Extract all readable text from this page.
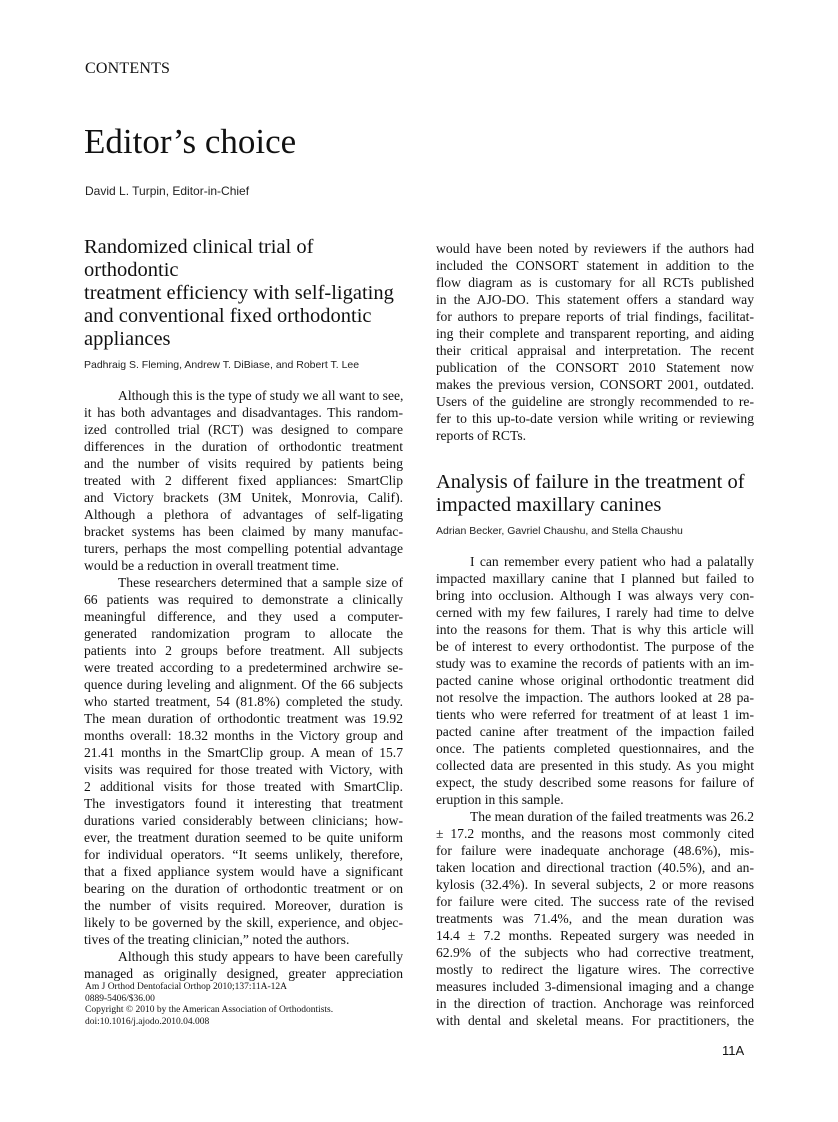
CONTENTS
Editor’s choice
David L. Turpin, Editor-in-Chief
Randomized clinical trial of orthodontic
treatment efficiency with self-ligating
and conventional fixed orthodontic
appliances
Padhraig S. Fleming, Andrew T. DiBiase, and Robert T. Lee
Although this is the type of study we all want to see,
it has both advantages and disadvantages. This random-
ized controlled trial (RCT) was designed to compare
differences in the duration of orthodontic treatment
and the number of visits required by patients being
treated with 2 different fixed appliances: SmartClip
and Victory brackets (3M Unitek, Monrovia, Calif).
Although a plethora of advantages of self-ligating
bracket systems has been claimed by many manufac-
turers, perhaps the most compelling potential advantage
would be a reduction in overall treatment time.
These researchers determined that a sample size of
66 patients was required to demonstrate a clinically
meaningful difference, and they used a computer-
generated randomization program to allocate the
patients into 2 groups before treatment. All subjects
were treated according to a predetermined archwire se-
quence during leveling and alignment. Of the 66 subjects
who started treatment, 54 (81.8%) completed the study.
The mean duration of orthodontic treatment was 19.92
months overall: 18.32 months in the Victory group and
21.41 months in the SmartClip group. A mean of 15.7
visits was required for those treated with Victory, with
2 additional visits for those treated with SmartClip.
The investigators found it interesting that treatment
durations varied considerably between clinicians; how-
ever, the treatment duration seemed to be quite uniform
for individual operators. “It seems unlikely, therefore,
that a fixed appliance system would have a significant
bearing on the duration of orthodontic treatment or on
the number of visits required. Moreover, duration is
likely to be governed by the skill, experience, and objec-
tives of the treating clinician,” noted the authors.
Although this study appears to have been carefully
managed as originally designed, greater appreciation
would have been noted by reviewers if the authors had
included the CONSORT statement in addition to the
flow diagram as is customary for all RCTs published
in the AJO-DO. This statement offers a standard way
for authors to prepare reports of trial findings, facilitat-
ing their complete and transparent reporting, and aiding
their critical appraisal and interpretation. The recent
publication of the CONSORT 2010 Statement now
makes the previous version, CONSORT 2001, outdated.
Users of the guideline are strongly recommended to re-
fer to this up-to-date version while writing or reviewing
reports of RCTs.
Analysis of failure in the treatment of
impacted maxillary canines
Adrian Becker, Gavriel Chaushu, and Stella Chaushu
I can remember every patient who had a palatally
impacted maxillary canine that I planned but failed to
bring into occlusion. Although I was always very con-
cerned with my few failures, I rarely had time to delve
into the reasons for them. That is why this article will
be of interest to every orthodontist. The purpose of the
study was to examine the records of patients with an im-
pacted canine whose original orthodontic treatment did
not resolve the impaction. The authors looked at 28 pa-
tients who were referred for treatment of at least 1 im-
pacted canine after treatment of the impaction failed
once. The patients completed questionnaires, and the
collected data are presented in this study. As you might
expect, the study described some reasons for failure of
eruption in this sample.
The mean duration of the failed treatments was 26.2
± 17.2 months, and the reasons most commonly cited
for failure were inadequate anchorage (48.6%), mis-
taken location and directional traction (40.5%), and an-
kylosis (32.4%). In several subjects, 2 or more reasons
for failure were cited. The success rate of the revised
treatments was 71.4%, and the mean duration was
14.4 ± 7.2 months. Repeated surgery was needed in
62.9% of the subjects who had corrective treatment,
mostly to redirect the ligature wires. The corrective
measures included 3-dimensional imaging and a change
in the direction of traction. Anchorage was reinforced
with dental and skeletal means. For practitioners, the
Am J Orthod Dentofacial Orthop 2010;137:11A-12A
0889-5406/$36.00
Copyright © 2010 by the American Association of Orthodontists.
doi:10.1016/j.ajodo.2010.04.008
11A
